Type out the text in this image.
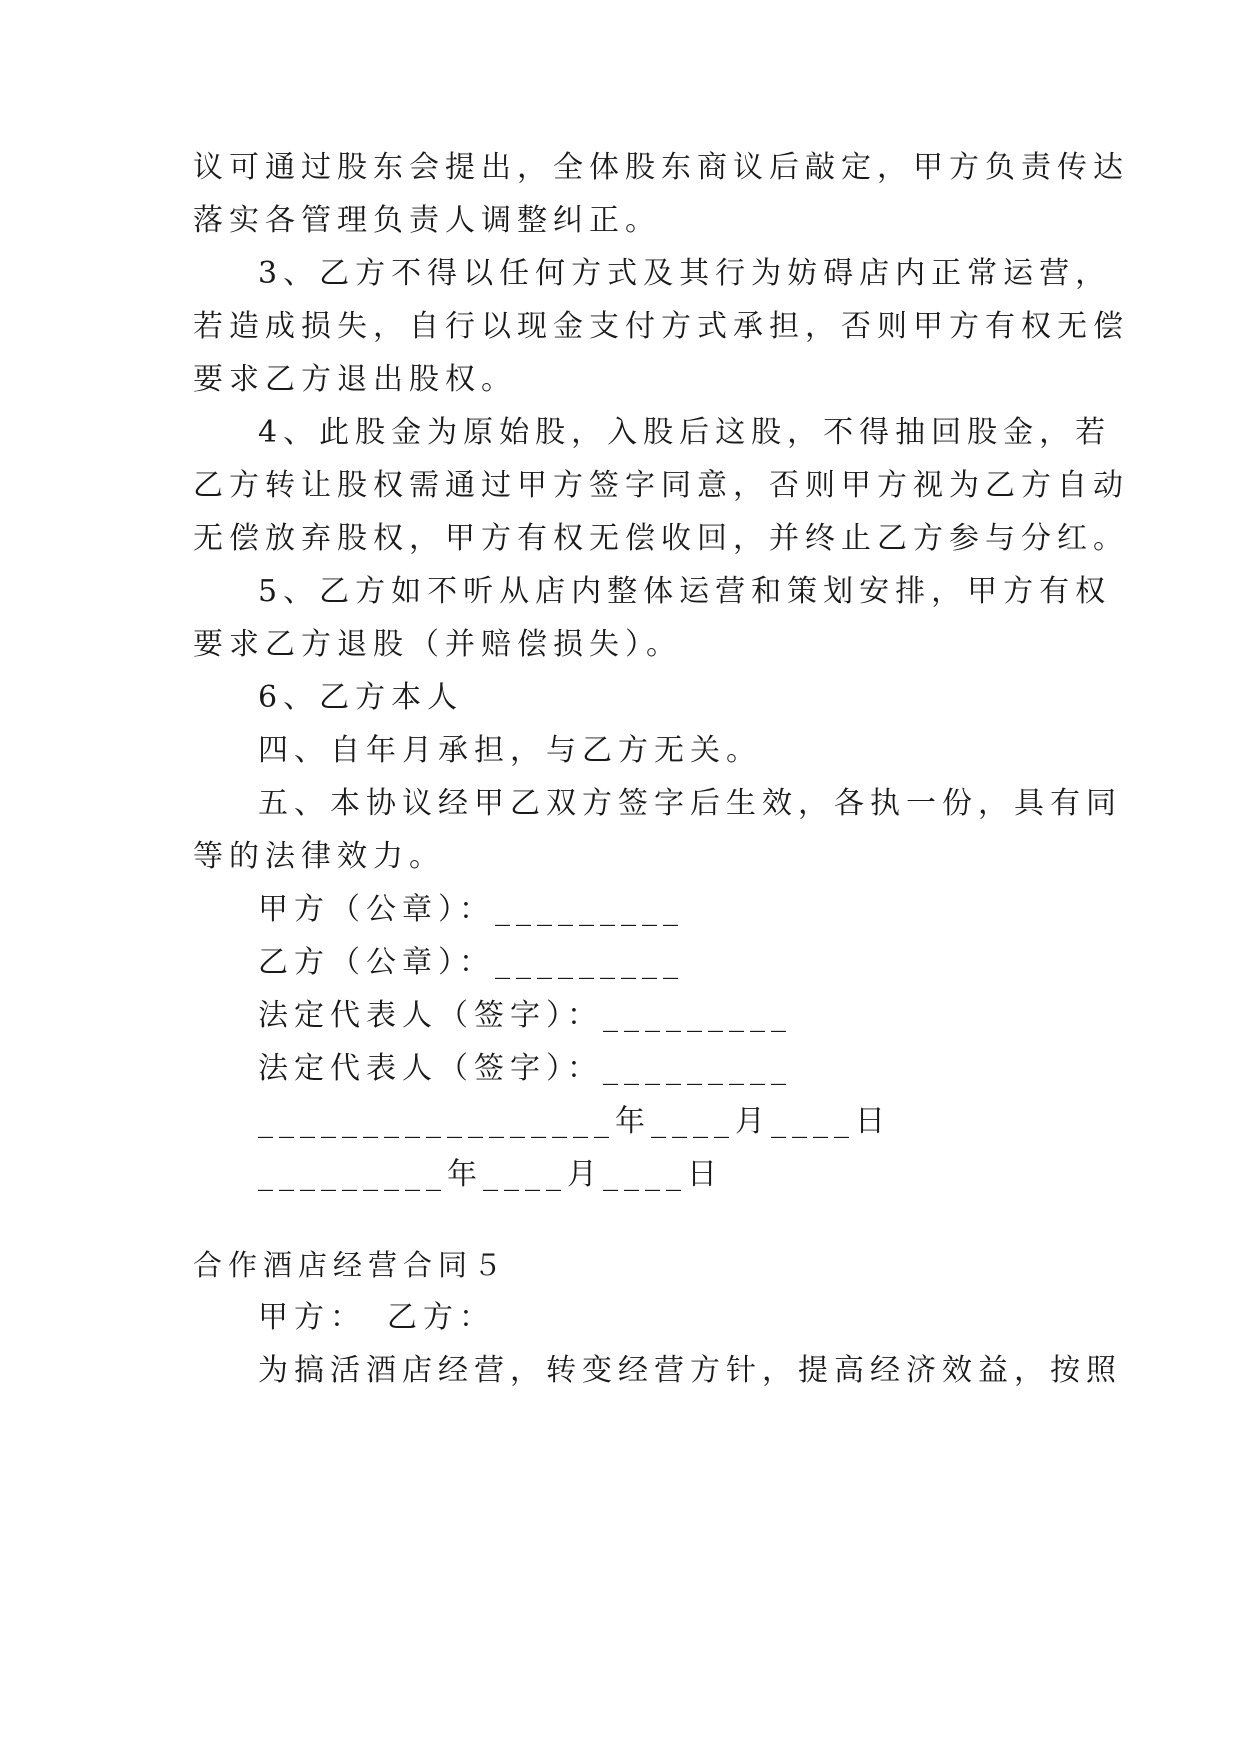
议可通过股东会提出，全体股东商议后敲定，甲方负责传达
落实各管理负责人调整纠正。
3、乙方不得以任何方式及其行为妨碍店内正常运营，
若造成损失，自行以现金支付方式承担，否则甲方有权无偿
要求乙方退出股权。
4、此股金为原始股，入股后这股，不得抽回股金，若
乙方转让股权需通过甲方签字同意，否则甲方视为乙方自动
无偿放弃股权，甲方有权无偿收回，并终止乙方参与分红。
5、乙方如不听从店内整体运营和策划安排，甲方有权
要求乙方退股（并赔偿损失）。
6、乙方本人
四、自年月承担，与乙方无关。
五、本协议经甲乙双方签字后生效，各执一份，具有同
等的法律效力。
甲方（公章）：_________
乙方（公章）：_________
法定代表人（签字）：_________
法定代表人（签字）：_________
_________________年____月____日
_________年____月____日
合作酒店经营合同５
甲方：　乙方：
为搞活酒店经营，转变经营方针，提高经济效益，按照
